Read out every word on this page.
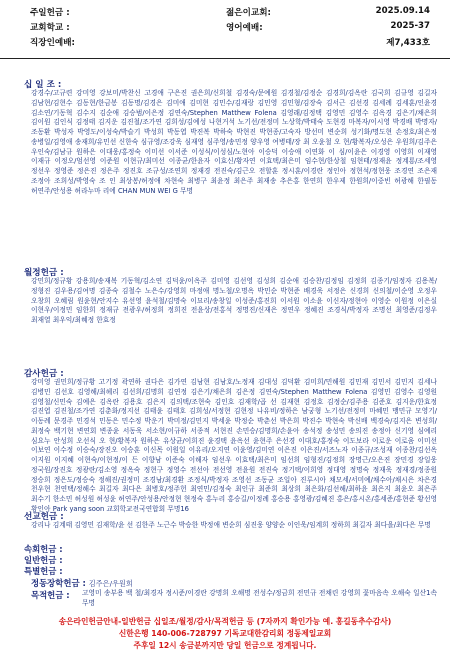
주일헌금 :
교회학교 :
직장인예배:
젊은이교회:
영어예배:
2025.09.14
2025-37
제7,433호
십 일 조 :
강경수/고규련 강미영 강보미/박찬신 고경애 구은진 권은희/신희철 김경숙/문예원 김경철/김정순 김경희/김옥란 김국희 김규영 김길자 김남현/김현수 김동현/한금봉 김동명/김경은 김미애 김미현 김민수/김재랑 김민영 김민형/김장숙 김서근 김선경 김세례 김세훈/인윤경 김소연/기동혁 김수지 김순애 김승범/이은정 김연숙/Stephen Matthew Folena 김영래/김정택 김영민 김영수 김옥경 김은기/채은희 김이원 김인식 김정태 김지운 김진철/조가연 김희성/김예성 나현거석 노기선/전정미 노상학/박태숙 도현경 마복자/이시영 박경배 박명자/조동환 박성자 박영도/이성숙/박슬기 박성희 박동엽 박진복 박하숙 박현진 박현종/고숙자 방선미 변순희 성기화/명도현 손정호/최은정 송병일/김영애 송재희/유민선 신한숙 심규영/조강욱 심재영 심주영/송민정 양우영 여병태/장 최 오윤철 오 현/황복자/오성은 우원희/김주은 우인숙/김남규 원하은 이대웅/홍정숙 이미선 이서준 이성식/이성심/노현아 이승덕 이승애 이연화 이 심/이윤은 이경영 이영희 이재영 이재규 이정오/엄선영 이준원 이현규/최미선 이종균/한윤자 이효신/황자연 이효택/최은미 임수현/한상철 임현태/정재윤 정계룡/조세영 정선우 정영준 정은진 정은주 정진호 조규성/조연희 정재경 전진숙/김근오 전할훈 정시훈/이경란 정인아 정현석/정현웅 조경연 조은재 조정아 조희성/박영숙 조 인 최상봉/허정애 차현숙 최병구 최윤정 최은주 최재송 추은홍 한연희 한우제 한원희/이중빈 허광해 한필동 허연주/안성용 허라누마 리에 CHAN MUN WEI G 무명
월정헌금 :
강민희/정규황 강용희/송재복 기동혁/김소연 김덕윤/이옥주 김미영 김선영 김성희 김순애 김승찬/김정임 김정희 김종기/임정자 김용복/정형진 김우용/김여명 김종숙 김철수 노은수/강영희 마정애 명노철/오명옥 박민순 박현준 배경욱 서정은 신경희 신의철/이순영 오정우 오창희 오혜림 원윤현/안지수 유선영 윤석철/김명숙 이묘리/송창일 이성준/홍진희 이서원 이소윤 이신자/정현아 이영순 이원정 이은실 이현우/이정민 임한희 정재규 전광우/허정희 정희진 전윤상/전홍석 정명진/신재은 정연우 정혜진 조경식/박정자 조명선 최영준/김정우 최재열 최우익/최혜정 한효정
감사헌금 :
강미영 권민희/정규황 고기정 곽연하 권다은 김가연 김남현 김남호/노정재 김대성 김덕환 김미희/민해원 김민재 김민서 김민지 김세나 김병민 김선호 김영해/최헤리 김선희/김명희 김연정 김은기/채은희 김은정 김연숙/Stephen Matthew Folena 김영민 김영수 김영원 김영철/신민숙 김예은 김옥란 김용호 김은지 김의택/조현숙 김인호 김재학/곱 선 김재현 김정호 김정순/김주용 김준호 김지운/한효정 김진엽 김진철/조가연 김춘화/정지선 김태윤 김태호 김희성/서정현 김현정 나유비/정하은 남궁형 노기선/전정미 마혜민 맹민규 모영기/이동례 문경주 민경석 민동은 민수정 박운기 박미정/김민지 박세윤 박정순 박춘선 박은희 박진수 박현숙 박신배 백경숙/김지은 변성희/최정숙 백기현 변연회 변종윤 서동욱 서소현/이규하 서종적 서현진 손민승/김명희/손윤아 송석정 송성민 송의진 송정아 신기영 심예리 심요누 안성희 오선식 오 현/황복자 원하은 유상균/이희진 윤경택 윤옥선 윤현주 은선경 이대호/홍정숙 이도보라 이로운 이로움 이미선 이보연 이수정 이승숙/장진오 이승훈 이신목 이원일 이유리/오지연 이윤영/김미연 이은진 이은진/서즈노자 이종규/조성재 이종찬/김선옥 이지원 이지혜 이현숙/이현정/이 든 이향남 이준숙 이해자 임선우 이효택/최은미 임선희 임형진/김정희 장명근/오은진 장민경 장일웅 정국원/장진호 정광란/김소영 정옥숙 정현구 정영수 전선아 전선영 전윤원 전진숙 정기택/이희영 정대영 정명숙 정재욱 정재경/정종원 정승희 정은도/정승숙 정해진/권정미 조경남/최경환 조정식/박정자 조영선 조동균 조일아 진루시아 채모세/서미예/채수아/채시은 차은경 천우현 천연택/정해수 최길자 최다은 최병호/정주헌 최연민/김정숙 최인규 최준희 최상희 최은화/김선해/최하윤 최은지 최윤오 최은주 최수기 한소민 허성원 허성윤 허연주/안성용/안정현 현정숙 홍누리 홍승길/이정례 홍승용 홍영광/김혜진 홍은/홍시온/홍세준/홍현준 황선영 황인아 Park yang soon 교회학교전국연합회 무명16
선교헌금 :
강리나 김계태 김영민 김재학/윤 선 김한주 노근수 박승한 박정애 변순희 심진웅 양양순 이인욱/임계희 정하희 최길자 최다을/최다은 무명
속회헌금 :
일반헌금 :
특별헌금 :
정동장학헌금 : 김주은/우원희
목적헌금 : 고영미 송부용 백 철/최경자 정시준/이경란 강명희 오해명 전성수/정금희 전민규 전채린 강영희 꽃마음속 오해숙 일산1속 무명
송은라인헌금안내-일반헌금 십일조/월정/감사/목적헌금 등 (7자까지 확인가능 예. 홍길동추수감사)
신한은행 140-006-728797 기독교대한감리회 정동제일교회
주후일 12시 송금분까지만 당일 헌금으로 정계됩니다.
